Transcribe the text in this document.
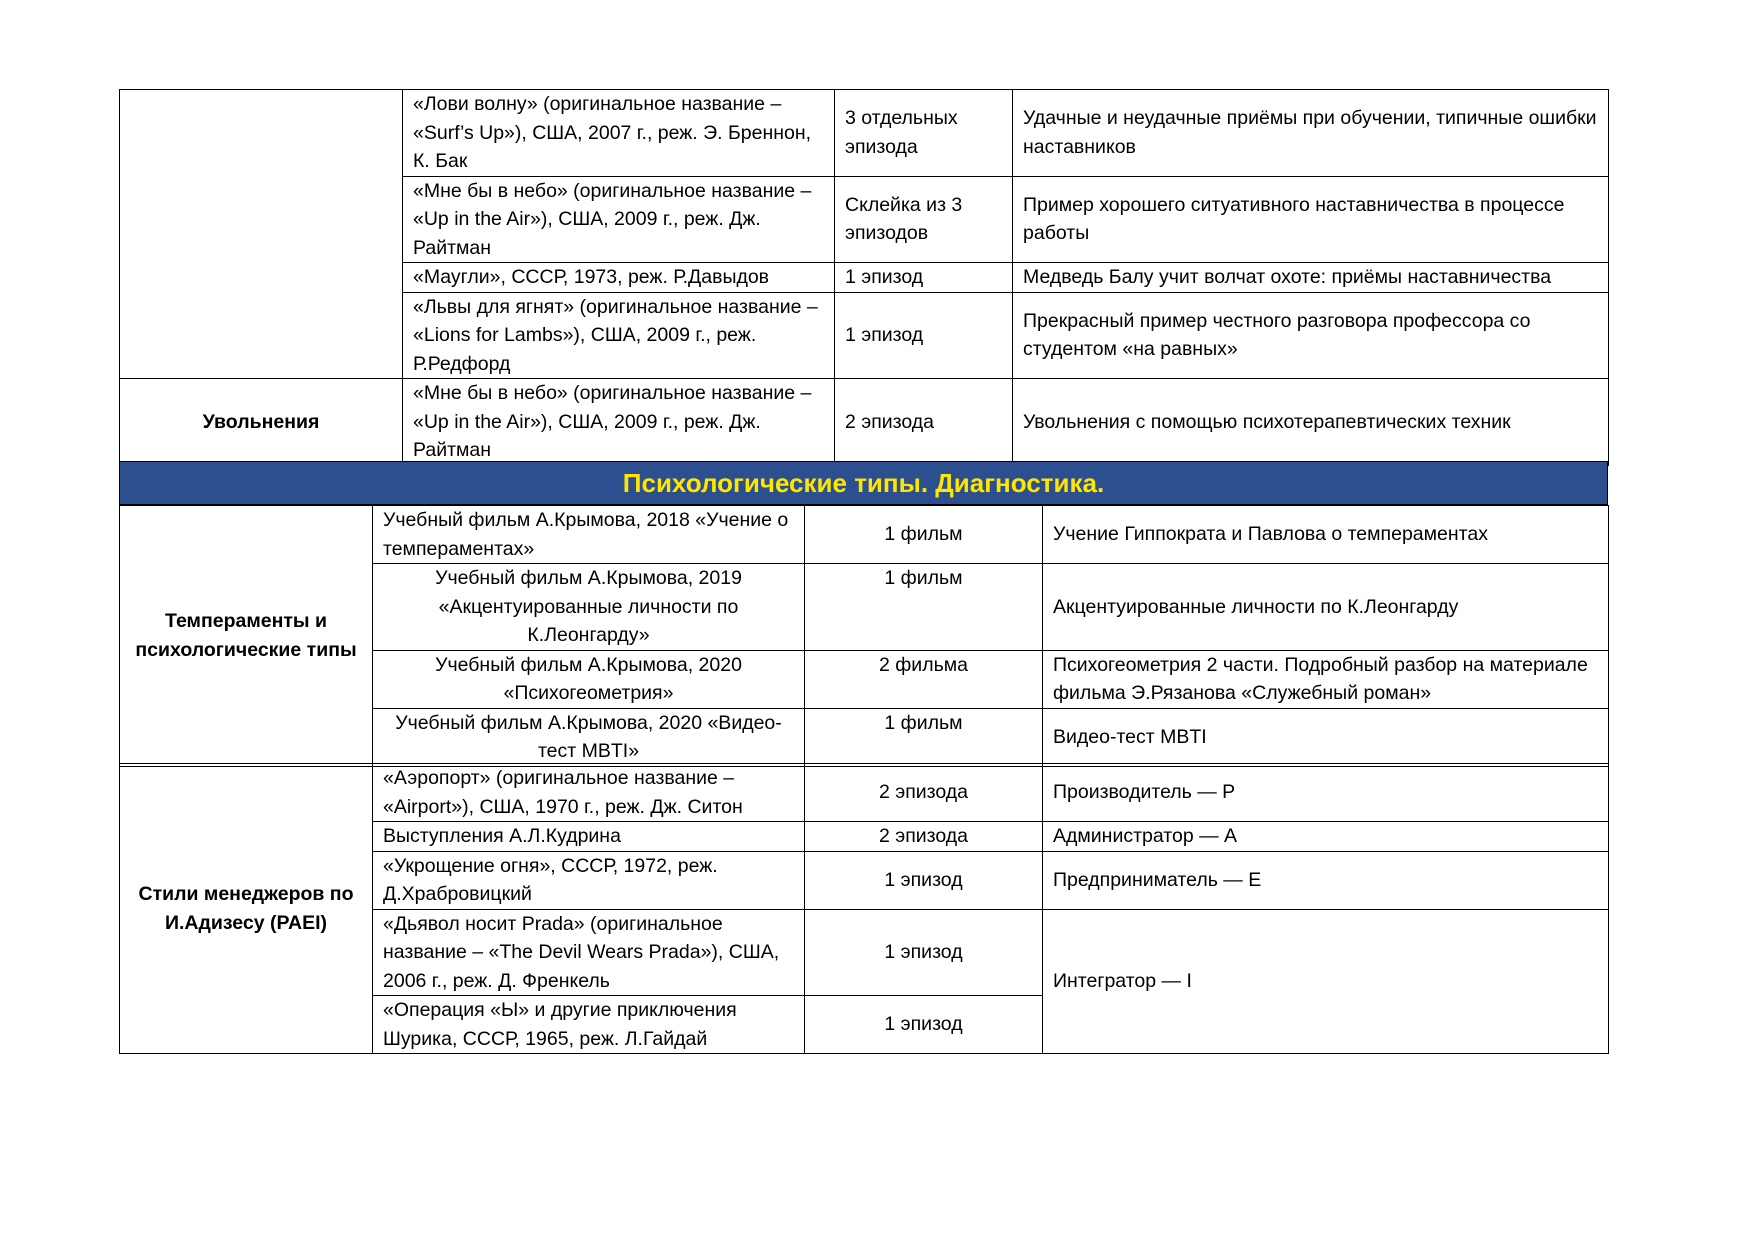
	«Лови волну» (оригинальное название – «Surf’s Up»), США, 2007 г., реж. Э. Бреннон, К. Бак	3 отдельных эпизода	Удачные и неудачные приёмы при обучении, типичные ошибки наставников
	«Мне бы в небо» (оригинальное название – «Up in the Air»), США, 2009 г., реж. Дж. Райтман	Склейка из 3 эпизодов	Пример хорошего ситуативного наставничества в процессе работы
	«Маугли», СССР, 1973, реж. Р.Давыдов	1 эпизод	Медведь Балу учит волчат охоте: приёмы наставничества
	«Львы для ягнят» (оригинальное название – «Lions for Lambs»), США, 2009 г., реж. Р.Редфорд	1 эпизод	Прекрасный пример честного разговора профессора со студентом «на равных»
Увольнения	«Мне бы в небо» (оригинальное название – «Up in the Air»), США, 2009 г., реж. Дж. Райтман	2 эпизода	Увольнения с помощью психотерапевтических техник
Психологические типы. Диагностика.
Темпераменты и психологические типы	Учебный фильм А.Крымова, 2018 «Учение о темпераментах»	1 фильм	Учение Гиппократа и Павлова о темпераментах
	Учебный фильм А.Крымова, 2019 «Акцентуированные личности по К.Леонгарду»	1 фильм	Акцентуированные личности по К.Леонгарду
	Учебный фильм А.Крымова, 2020 «Психогеометрия»	2 фильма	Психогеометрия 2 части. Подробный разбор на материале фильма Э.Рязанова «Служебный роман»
	Учебный фильм А.Крымова, 2020 «Видео-тест MBTI»	1 фильм	Видео-тест MBTI
Стили менеджеров по И.Адизесу (PAEI)	«Аэропорт» (оригинальное название – «Airport»), США, 1970 г., реж. Дж. Ситон	2 эпизода	Производитель — P
	Выступления А.Л.Кудрина	2 эпизода	Администратор — A
	«Укрощение огня», СССР, 1972, реж. Д.Храбровицкий	1 эпизод	Предприниматель — E
	«Дьявол носит Prada» (оригинальное название – «The Devil Wears Prada»), США, 2006 г., реж. Д. Френкель	1 эпизод	Интегратор — I
	«Операция «Ы» и другие приключения Шурика, СССР, 1965, реж. Л.Гайдай	1 эпизод	
